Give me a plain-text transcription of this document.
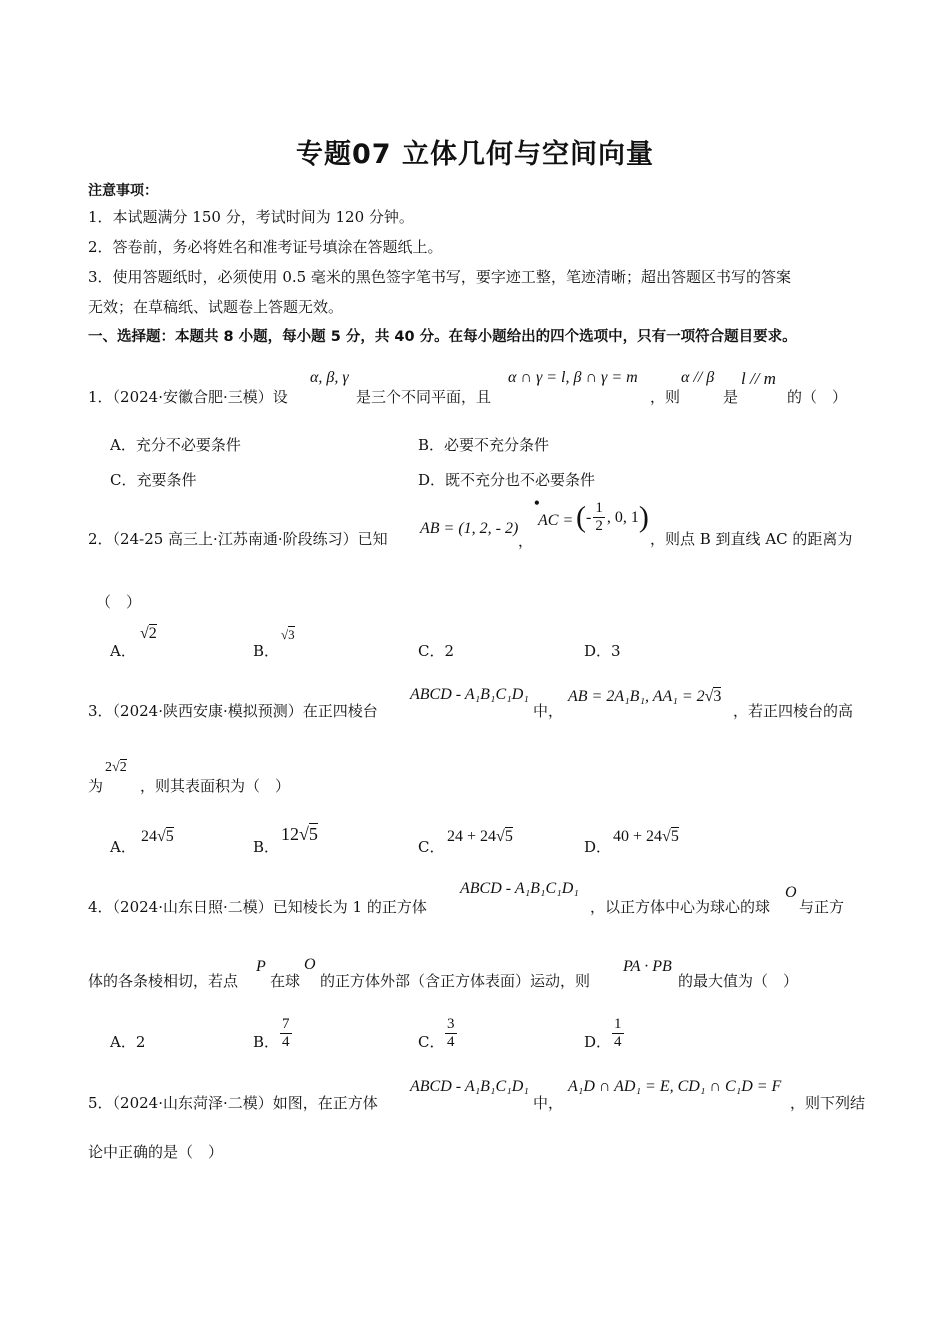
专题07 立体几何与空间向量
注意事项：
1．本试题满分 150 分，考试时间为 120 分钟。
2．答卷前，务必将姓名和准考证号填涂在答题纸上。
3．使用答题纸时，必须使用 0.5 毫米的黑色签字笔书写，要字迹工整，笔迹清晰；超出答题区书写的答案
无效；在草稿纸、试题卷上答题无效。
一、选择题：本题共 8 小题，每小题 5 分，共 40 分。在每小题给出的四个选项中，只有一项符合题目要求。
1．（2024·安徽合肥·三模）设
α, β, γ
是三个不同平面，且
α ∩ γ = l, β ∩ γ = m
，则
α // β
是
l // m
的（　）
A．充分不必要条件	B．必要不充分条件
C．充要条件	D．既不充分也不必要条件
2．（24-25 高三上·江苏南通·阶段练习）已知
AB = (1, 2, - 2)
，
•
AC = (- $\frac{1}{2}$ , 0, 1)
，则点 B 到直线 AC 的距离为
（　）
A．
√2
B．
√3
C．2	D．3
3．（2024·陕西安康·模拟预测）在正四棱台
ABCD - A₁B₁C₁D₁
中，
AB = 2A₁B₁, AA₁ = 2√3
，若正四棱台的高
为
2√2
，则其表面积为（　）
A．
24√5
B．
12√5
C．
24 + 24√5
D．
40 + 24√5
4．（2024·山东日照·二模）已知棱长为 1 的正方体
ABCD - A₁B₁C₁D₁
，以正方体中心为球心的球
O
与正方
体的各条棱相切，若点
P
在球
O
的正方体外部（含正方体表面）运动，则
PA · PB
的最大值为（　）
A．2	B． $\frac{7}{4}$	C． $\frac{3}{4}$	D． $\frac{1}{4}$
5．（2024·山东菏泽·二模）如图，在正方体
ABCD - A₁B₁C₁D₁
中，
A₁D ∩ AD₁ = E, CD₁ ∩ C₁D = F
，则下列结
论中正确的是（　）
